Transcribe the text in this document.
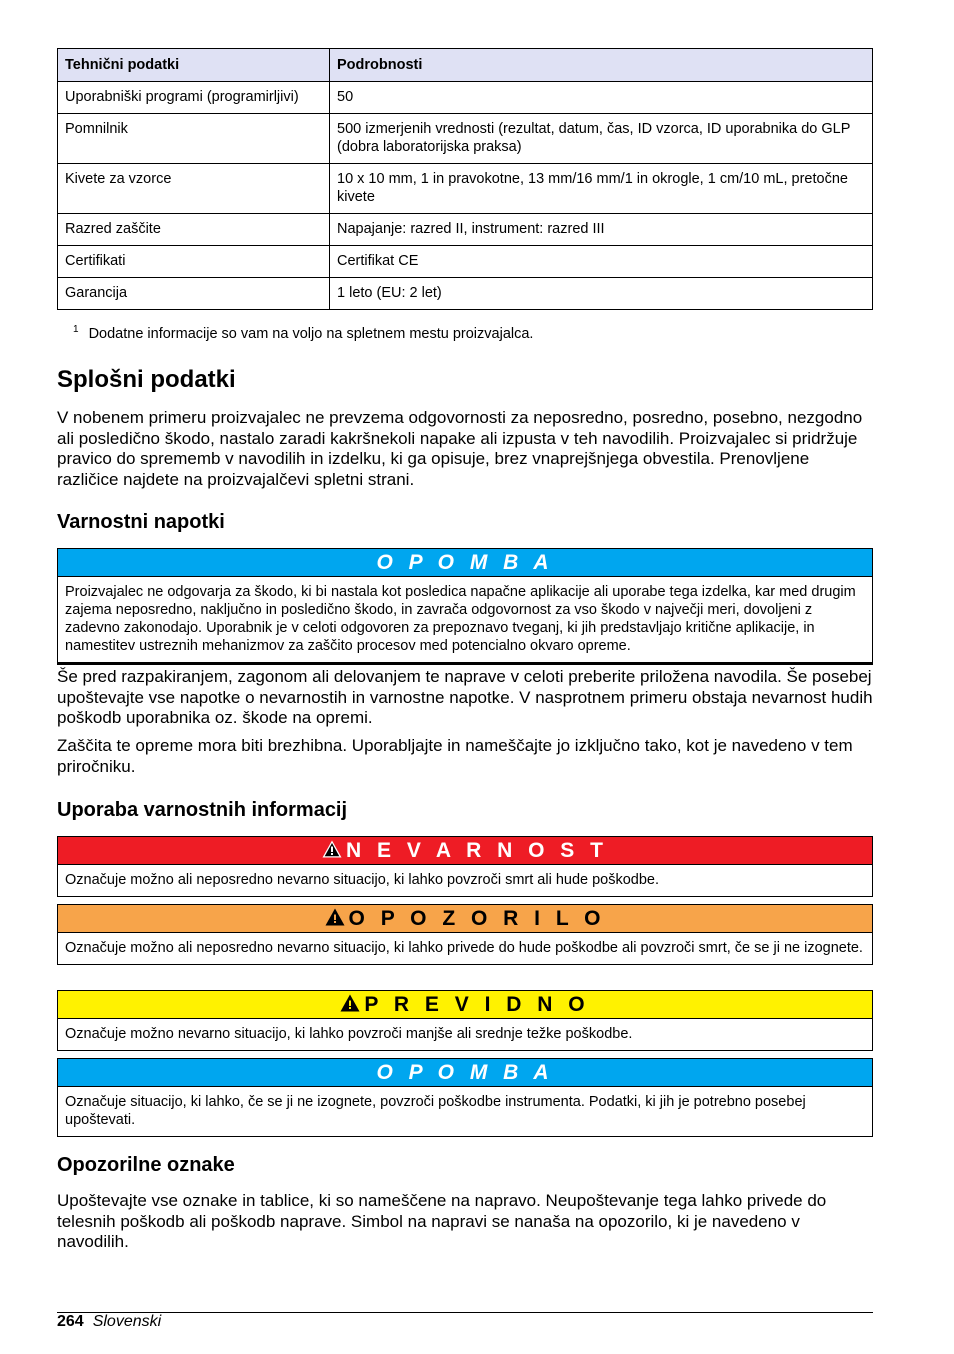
Tehnični podatki	Podrobnosti
Uporabniški programi (programirljivi)	50
Pomnilnik	500 izmerjenih vrednosti (rezultat, datum, čas, ID vzorca, ID uporabnika do GLP (dobra laboratorijska praksa)
Kivete za vzorce	10 x 10 mm, 1 in pravokotne, 13 mm/16 mm/1 in okrogle, 1 cm/10 mL, pretočne kivete
Razred zaščite	Napajanje: razred II, instrument: razred III
Certifikati	Certifikat CE
Garancija	1 leto (EU: 2 let)
$^1$ Dodatne informacije so vam na voljo na spletnem mestu proizvajalca.
Splošni podatki

V nobenem primeru proizvajalec ne prevzema odgovornosti za neposredno, posredno, posebno, nezgodno ali posledično škodo, nastalo zaradi kakršnekoli napake ali izpusta v teh navodilih. Proizvajalec si pridržuje pravico do sprememb v navodilih in izdelku, ki ga opisuje, brez vnaprejšnjega obvestila. Prenovljene različice najdete na proizvajalčevi spletni strani.

Varnostni napotki
O P O M B A
Proizvajalec ne odgovarja za škodo, ki bi nastala kot posledica napačne aplikacije ali uporabe tega izdelka, kar med drugim zajema neposredno, naključno in posledično škodo, in zavrača odgovornost za vso škodo v največji meri, dovoljeni z zadevno zakonodajo. Uporabnik je v celoti odgovoren za prepoznavo tveganj, ki jih predstavljajo kritične aplikacije, in namestitev ustreznih mehanizmov za zaščito procesov med potencialno okvaro opreme.

Še pred razpakiranjem, zagonom ali delovanjem te naprave v celoti preberite priložena navodila. Še posebej upoštevajte vse napotke o nevarnostih in varnostne napotke. V nasprotnem primeru obstaja nevarnost hudih poškodb uporabnika oz. škode na opremi.

Zaščita te opreme mora biti brezhibna. Uporabljajte in nameščajte jo izključno tako, kot je navedeno v tem priročniku.

Uporaba varnostnih informacij
N E V A R N O S T
Označuje možno ali neposredno nevarno situacijo, ki lahko povzroči smrt ali hude poškodbe.
O P O Z O R I L O
Označuje možno ali neposredno nevarno situacijo, ki lahko privede do hude poškodbe ali povzroči smrt, če se ji ne izognete.
P R E V I D N O
Označuje možno nevarno situacijo, ki lahko povzroči manjše ali srednje težke poškodbe.
O P O M B A
Označuje situacijo, ki lahko, če se ji ne izognete, povzroči poškodbe instrumenta. Podatki, ki jih je potrebno posebej upoštevati.
Opozorilne oznake

Upoštevajte vse oznake in tablice, ki so nameščene na napravo. Neupoštevanje tega lahko privede do telesnih poškodb ali poškodb naprave. Simbol na napravi se nanaša na opozorilo, ki je navedeno v navodilih.

264 Slovenski
